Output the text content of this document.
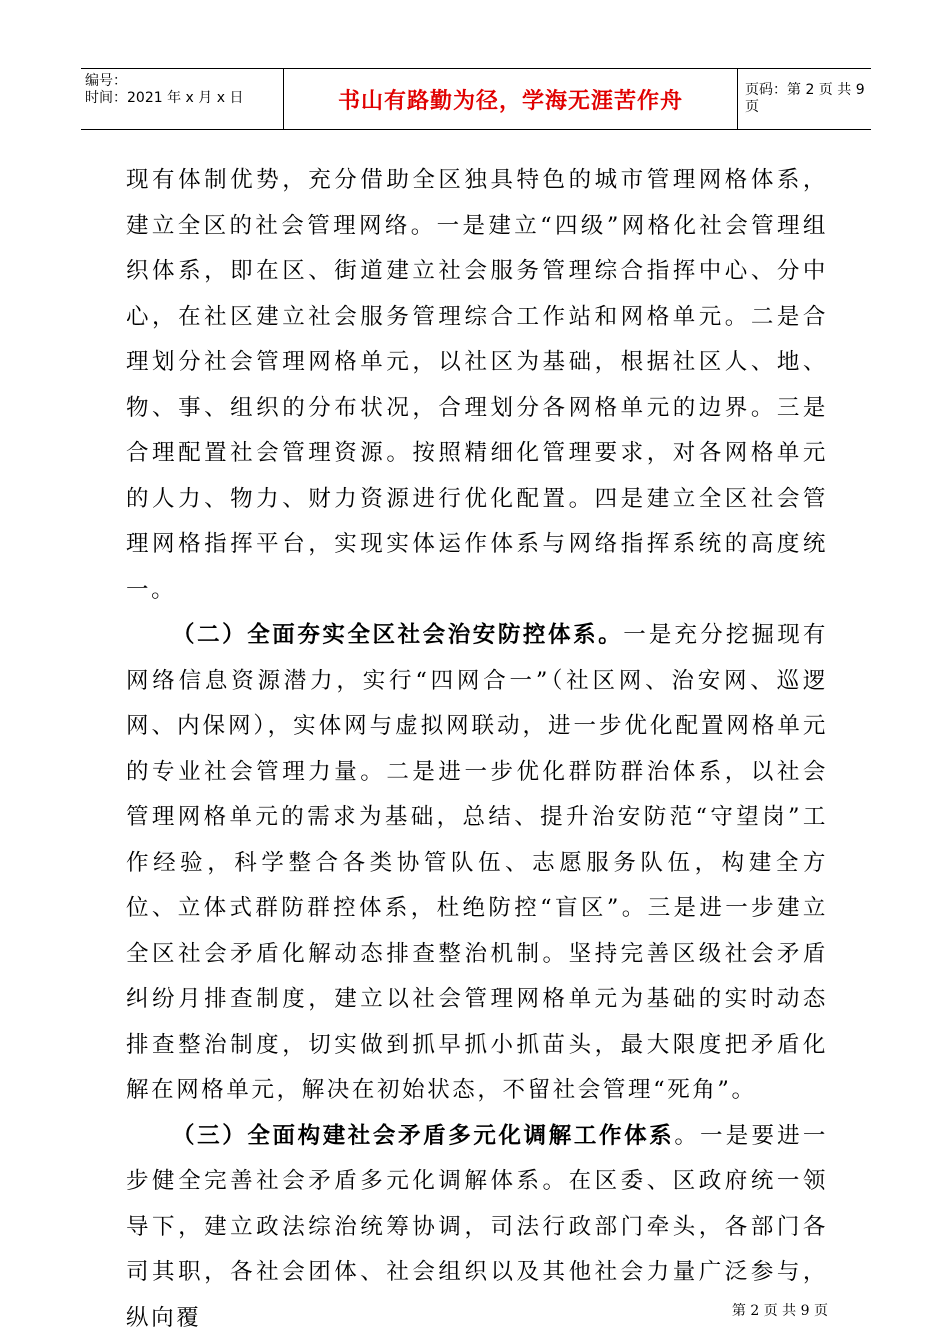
编号：
时间：2021 年 x 月 x 日	书山有路勤为径，学海无涯苦作舟	页码：第 2 页 共 9 页

现有体制优势，充分借助全区独具特色的城市管理网格体系，建立全区的社会管理网络。一是建立“四级”网格化社会管理组织体系，即在区、街道建立社会服务管理综合指挥中心、分中心，在社区建立社会服务管理综合工作站和网格单元。二是合理划分社会管理网格单元，以社区为基础，根据社区人、地、物、事、组织的分布状况，合理划分各网格单元的边界。三是合理配置社会管理资源。按照精细化管理要求，对各网格单元的人力、物力、财力资源进行优化配置。四是建立全区社会管理网格指挥平台，实现实体运作体系与网络指挥系统的高度统一。

（二）全面夯实全区社会治安防控体系。一是充分挖掘现有网络信息资源潜力，实行“四网合一”（社区网、治安网、巡逻网、内保网），实体网与虚拟网联动，进一步优化配置网格单元的专业社会管理力量。二是进一步优化群防群治体系，以社会管理网格单元的需求为基础，总结、提升治安防范“守望岗”工作经验，科学整合各类协管队伍、志愿服务队伍，构建全方位、立体式群防群控体系，杜绝防控“盲区”。三是进一步建立全区社会矛盾化解动态排查整治机制。坚持完善区级社会矛盾纠纷月排查制度，建立以社会管理网格单元为基础的实时动态排查整治制度，切实做到抓早抓小抓苗头，最大限度把矛盾化解在网格单元，解决在初始状态，不留社会管理“死角”。

（三）全面构建社会矛盾多元化调解工作体系。一是要进一步健全完善社会矛盾多元化调解体系。在区委、区政府统一领导下，建立政法综治统筹协调，司法行政部门牵头，各部门各司其职，各社会团体、社会组织以及其他社会力量广泛参与，纵向覆	第 2 页 共 9 页
